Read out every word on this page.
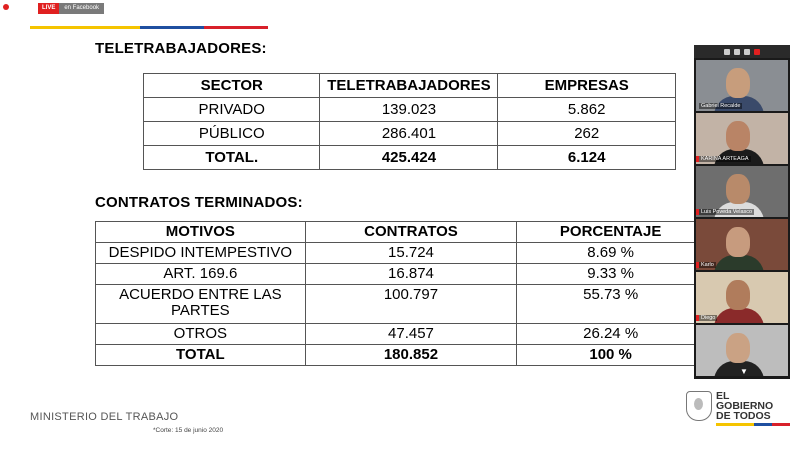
LIVE	en Facebook
TELETRABAJADORES:
SECTOR	TELETRABAJADORES	EMPRESAS
PRIVADO	139.023	5.862
PÚBLICO	286.401	262
TOTAL.	425.424	6.124
CONTRATOS TERMINADOS:
MOTIVOS	CONTRATOS	PORCENTAJE
DESPIDO INTEMPESTIVO	15.724	8.69 %
ART. 169.6	16.874	9.33 %
ACUERDO ENTRE LAS PARTES	100.797	55.73 %
OTROS	47.457	26.24 %
TOTAL	180.852	100 %
MINISTERIO DEL TRABAJO
*Corte: 15 de junio 2020
EL
GOBIERNO
DE TODOS
Gabriel Recalde
KARINA ARTEAGA
Luis Poveda Velasco
Karlo
Diego
▼
